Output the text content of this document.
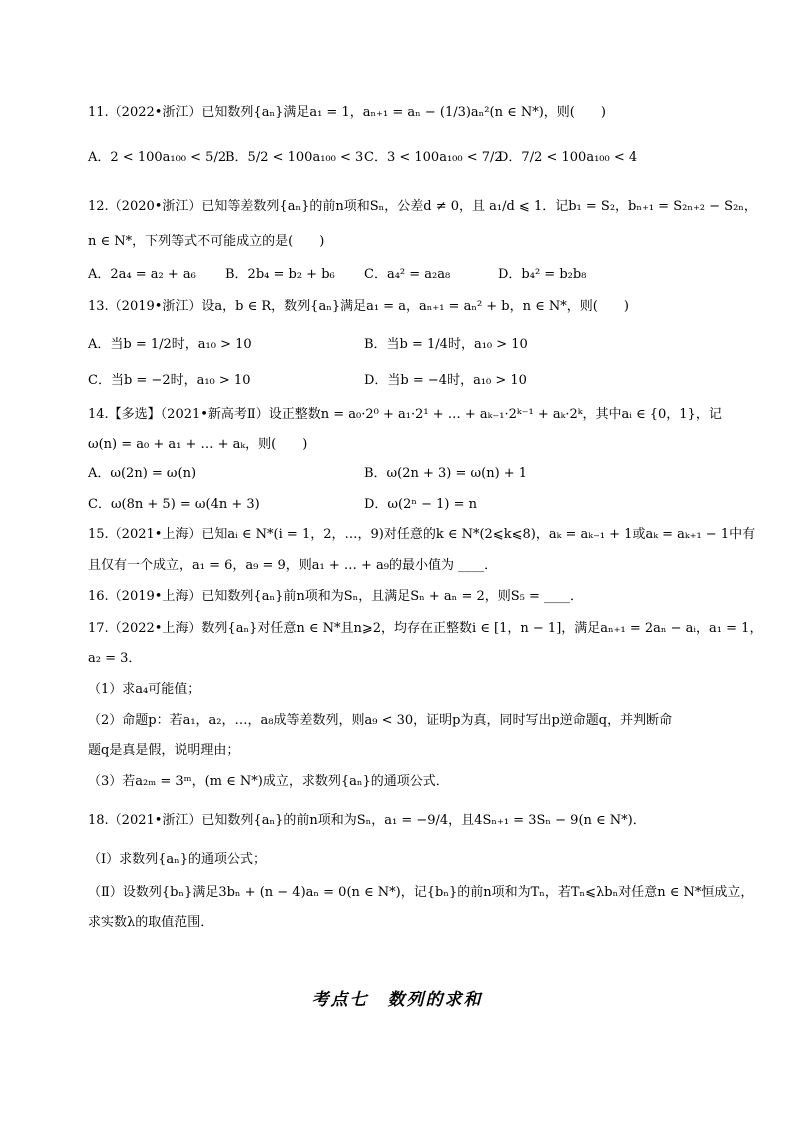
11.（2022•浙江）已知数列{aₙ}满足a₁ = 1，aₙ₊₁ = aₙ − (1/3)aₙ²(n ∈ N*)，则(　　)
A．2 < 100a₁₀₀ < 5/2
B．5/2 < 100a₁₀₀ < 3 C．3 < 100a₁₀₀ < 7/2
D．7/2 < 100a₁₀₀ < 4
12.（2020•浙江）已知等差数列{aₙ}的前n项和Sₙ，公差d ≠ 0，且 a₁/d ⩽ 1．记b₁ = S₂，bₙ₊₁ = S₂ₙ₊₂ − S₂ₙ，
n ∈ N*，下列等式不可能成立的是(　　)
A．2a₄ = a₂ + a₆ B．2b₄ = b₂ + b₆ C．a₄² = a₂a₈	D．b₄² = b₂b₈
13.（2019•浙江）设a，b ∈ R，数列{aₙ}满足a₁ = a，aₙ₊₁ = aₙ² + b，n ∈ N*，则(　　)
A．当b = 1/2时，a₁₀ > 10	B．当b = 1/4时，a₁₀ > 10
C．当b = −2时，a₁₀ > 10	D．当b = −4时，a₁₀ > 10
14.【多选】（2021•新高考Ⅱ）设正整数n = a₀·2⁰ + a₁·2¹ + … + aₖ₋₁·2ᵏ⁻¹ + aₖ·2ᵏ，其中aᵢ ∈ {0，1}，记
ω(n) = a₀ + a₁ + … + aₖ，则(　　)
A．ω(2n) = ω(n)	B．ω(2n + 3) = ω(n) + 1
C．ω(8n + 5) = ω(4n + 3)	D．ω(2ⁿ − 1) = n
15.（2021•上海）已知aᵢ ∈ N*(i = 1，2，…，9)对任意的k ∈ N*(2⩽k⩽8)，aₖ = aₖ₋₁ + 1或aₖ = aₖ₊₁ − 1中有
且仅有一个成立，a₁ = 6，a₉ = 9，则a₁ + … + a₉的最小值为 ____．
16.（2019•上海）已知数列{aₙ}前n项和为Sₙ，且满足Sₙ + aₙ = 2，则S₅ = ____．
17.（2022•上海）数列{aₙ}对任意n ∈ N*且n⩾2，均存在正整数i ∈ [1，n − 1]，满足aₙ₊₁ = 2aₙ − aᵢ，a₁ = 1，
a₂ = 3．
（1）求a₄可能值；
（2）命题p：若a₁，a₂，…，a₈成等差数列，则a₉ < 30，证明p为真，同时写出p逆命题q，并判断命
题q是真是假，说明理由；
（3）若a₂ₘ = 3ᵐ，(m ∈ N*)成立，求数列{aₙ}的通项公式．
18.（2021•浙江）已知数列{aₙ}的前n项和为Sₙ，a₁ = −9/4，且4Sₙ₊₁ = 3Sₙ − 9(n ∈ N*)．
（Ⅰ）求数列{aₙ}的通项公式；
（Ⅱ）设数列{bₙ}满足3bₙ + (n − 4)aₙ = 0(n ∈ N*)，记{bₙ}的前n项和为Tₙ，若Tₙ⩽λbₙ对任意n ∈ N*恒成立，
求实数λ的取值范围．
考点七　数列的求和
